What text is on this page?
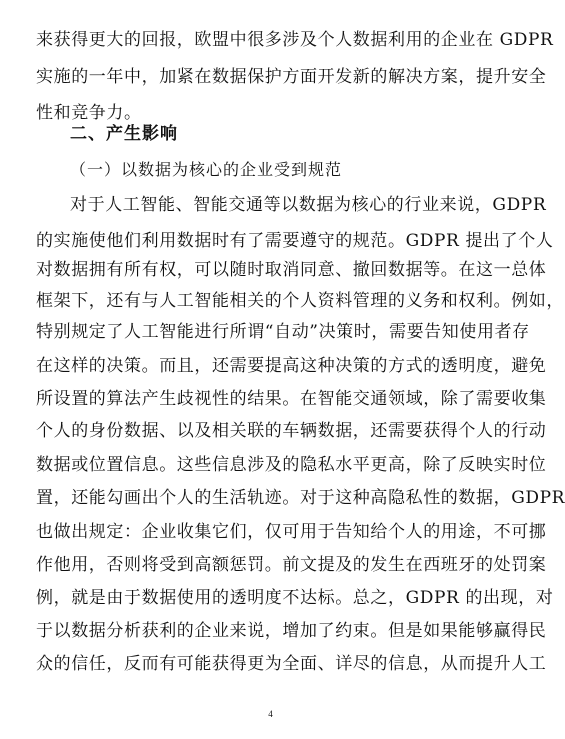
来获得更大的回报，欧盟中很多涉及个人数据利用的企业在 GDPR
实施的一年中，加紧在数据保护方面开发新的解决方案，提升安全
性和竞争力。
二、产生影响
（一）以数据为核心的企业受到规范
对于人工智能、智能交通等以数据为核心的行业来说，GDPR
的实施使他们利用数据时有了需要遵守的规范。GDPR 提出了个人
对数据拥有所有权，可以随时取消同意、撤回数据等。在这一总体
框架下，还有与人工智能相关的个人资料管理的义务和权利。例如，
特别规定了人工智能进行所谓“自动”决策时，需要告知使用者存
在这样的决策。而且，还需要提高这种决策的方式的透明度，避免
所设置的算法产生歧视性的结果。在智能交通领域，除了需要收集
个人的身份数据、以及相关联的车辆数据，还需要获得个人的行动
数据或位置信息。这些信息涉及的隐私水平更高，除了反映实时位
置，还能勾画出个人的生活轨迹。对于这种高隐私性的数据，GDPR
也做出规定：企业收集它们，仅可用于告知给个人的用途，不可挪
作他用，否则将受到高额惩罚。前文提及的发生在西班牙的处罚案
例，就是由于数据使用的透明度不达标。总之，GDPR 的出现，对
于以数据分析获利的企业来说，增加了约束。但是如果能够赢得民
众的信任，反而有可能获得更为全面、详尽的信息，从而提升人工
4
